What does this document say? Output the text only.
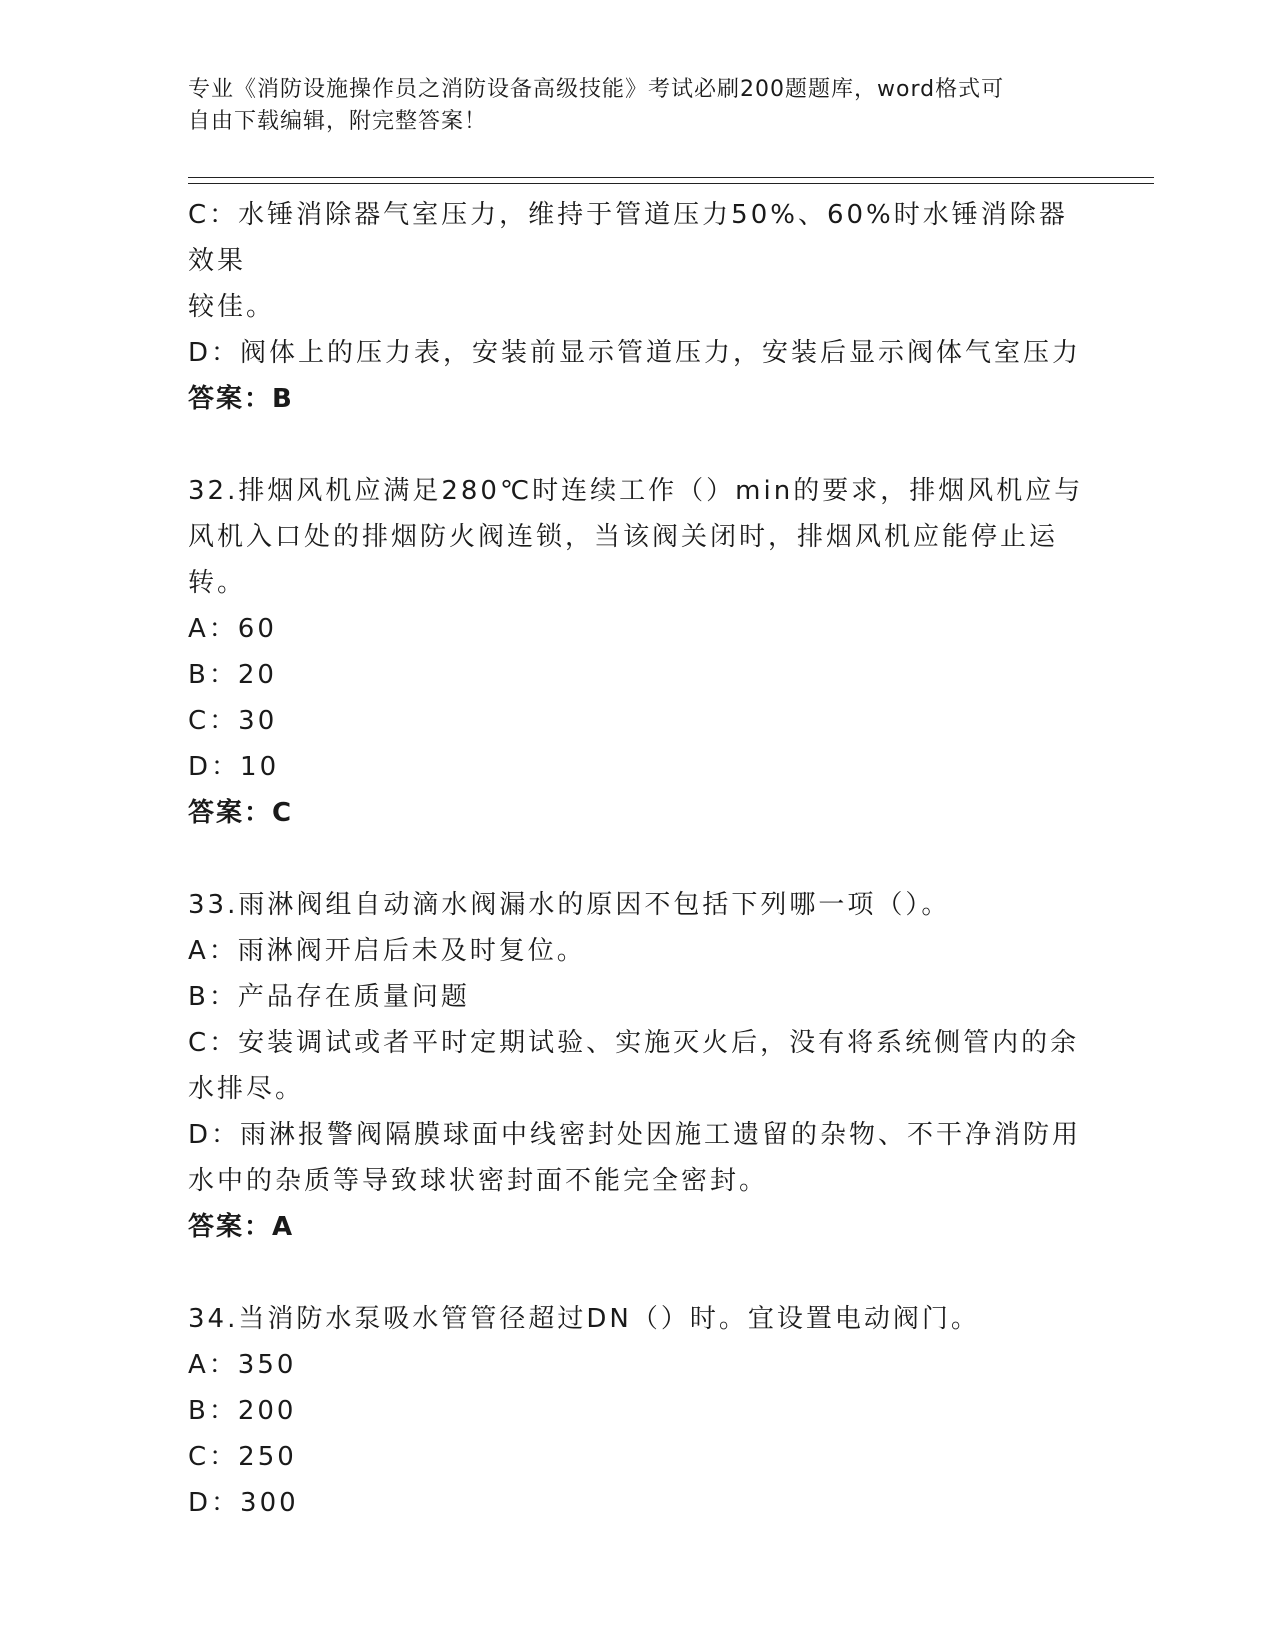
专业《消防设施操作员之消防设备高级技能》考试必刷200题题库，word格式可
自由下载编辑，附完整答案！
C：水锤消除器气室压力，维持于管道压力50%、60%时水锤消除器效果
较佳。
D：阀体上的压力表，安装前显示管道压力，安装后显示阀体气室压力
答案：B
32.排烟风机应满足280℃时连续工作（）min的要求，排烟风机应与
风机入口处的排烟防火阀连锁，当该阀关闭时，排烟风机应能停止运
转。
A：60
B：20
C：30
D：10
答案：C
33.雨淋阀组自动滴水阀漏水的原因不包括下列哪一项（）。
A：雨淋阀开启后未及时复位。
B：产品存在质量问题
C：安装调试或者平时定期试验、实施灭火后，没有将系统侧管内的余
水排尽。
D：雨淋报警阀隔膜球面中线密封处因施工遗留的杂物、不干净消防用
水中的杂质等导致球状密封面不能完全密封。
答案：A
34.当消防水泵吸水管管径超过DN（）时。宜设置电动阀门。
A：350
B：200
C：250
D：300
